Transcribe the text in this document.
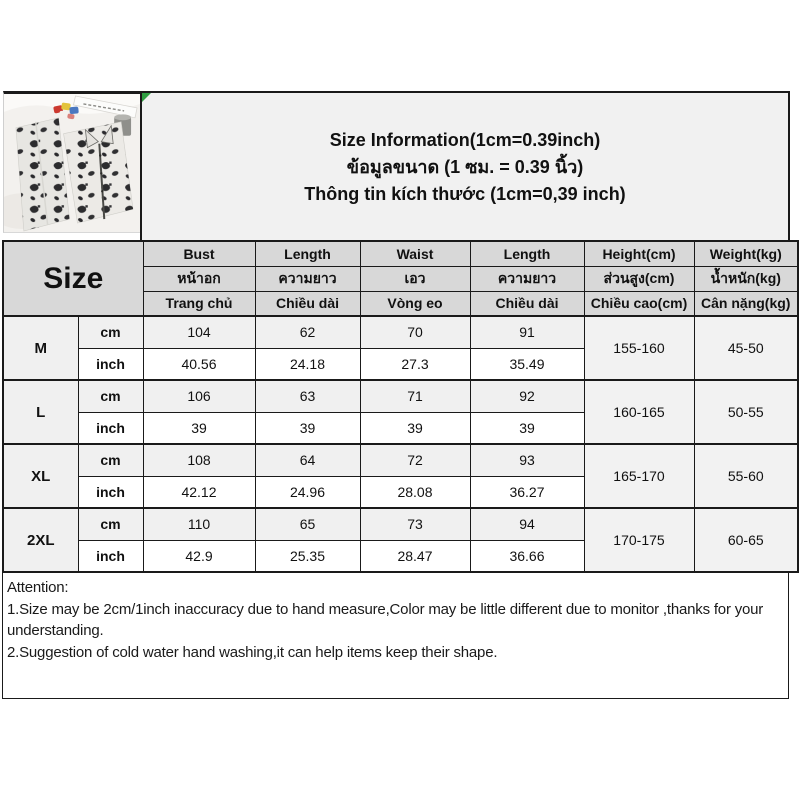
Size Information(1cm=0.39inch)
ข้อมูลขนาด (1 ซม. = 0.39 นิ้ว)
Thông tin kích thước (1cm=0,39 inch)
Size		Bust	Length	Waist	Length	Height(cm)	Weight(kg)
		หน้าอก	ความยาว	เอว	ความยาว	ส่วนสูง(cm)	น้ำหนัก(kg)
		Trang chủ	Chiều dài	Vòng eo	Chiều dài	Chiều cao(cm)	Cân nặng(kg)
M	cm	104	62	70	91	155-160	45-50
	inch	40.56	24.18	27.3	35.49		
L	cm	106	63	71	92	160-165	50-55
	inch	39	39	39	39		
XL	cm	108	64	72	93	165-170	55-60
	inch	42.12	24.96	28.08	36.27		
2XL	cm	110	65	73	94	170-175	60-65
	inch	42.9	25.35	28.47	36.66		
Attention:
1.Size may be 2cm/1inch inaccuracy due to hand measure,Color may be little different due to monitor ,thanks for your
understanding.
2.Suggestion of cold water hand washing,it can help items keep their shape.
